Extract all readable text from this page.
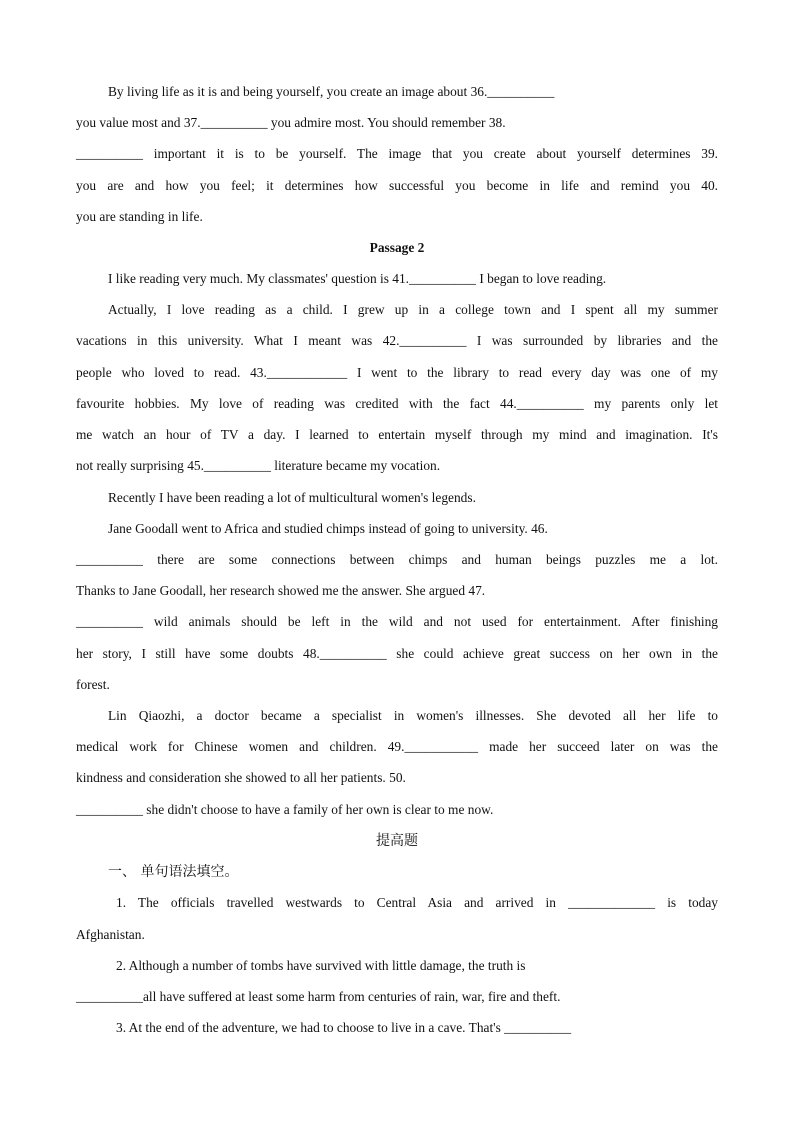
By living life as it is and being yourself, you create an image about 36.__________
you value most and 37.__________ you admire most. You should remember 38.
__________ important it is to be yourself. The image that you create about yourself determines 39.
you are and how you feel; it determines how successful you become in life and remind you 40.
you are standing in life.
Passage 2
I like reading very much. My classmates' question is 41.__________ I began to love reading.
Actually, I love reading as a child. I grew up in a college town and I spent all my summer
vacations in this university. What I meant was 42.__________ I was surrounded by libraries and the
people who loved to read. 43.____________ I went to the library to read every day was one of my
favourite hobbies. My love of reading was credited with the fact 44.__________ my parents only let
me watch an hour of TV a day. I learned to entertain myself through my mind and imagination. It's
not really surprising 45.__________ literature became my vocation.
Recently I have been reading a lot of multicultural women's legends.
Jane Goodall went to Africa and studied chimps instead of going to university. 46.
__________ there are some connections between chimps and human beings puzzles me a lot.
Thanks to Jane Goodall, her research showed me the answer. She argued 47.
__________ wild animals should be left in the wild and not used for entertainment. After finishing
her story, I still have some doubts 48.__________ she could achieve great success on her own in the
forest.
Lin Qiaozhi, a doctor became a specialist in women's illnesses. She devoted all her life to
medical work for Chinese women and children. 49.___________ made her succeed later on was the
kindness and consideration she showed to all her patients. 50.
__________ she didn't choose to have a family of her own is clear to me now.
提高题
一、 单句语法填空。
1. The officials travelled westwards to Central Asia and arrived in _____________ is today
Afghanistan.
2. Although a number of tombs have survived with little damage, the truth is
__________all have suffered at least some harm from centuries of rain, war, fire and theft.
3. At the end of the adventure, we had to choose to live in a cave. That's __________
